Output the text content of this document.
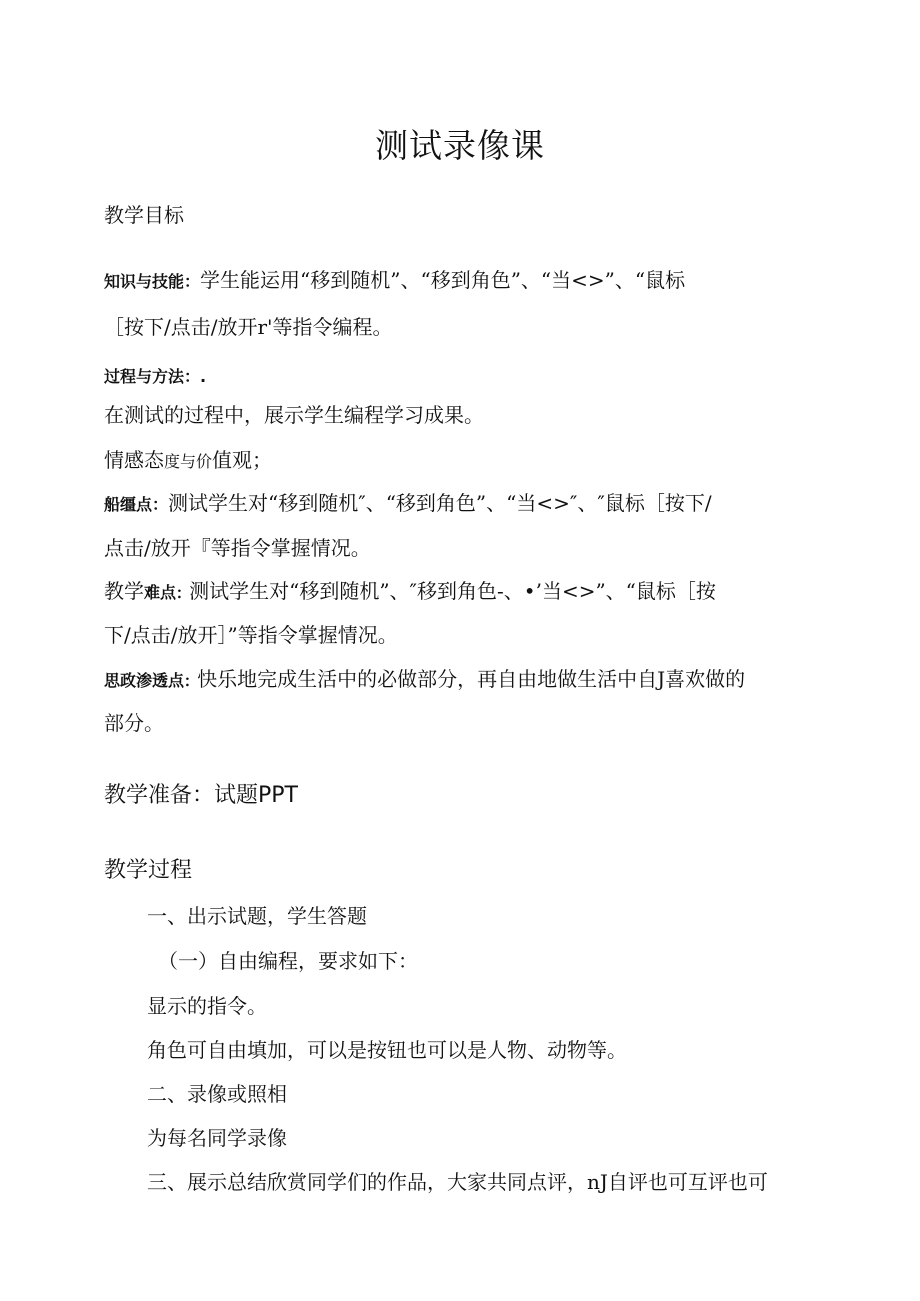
测试录像课
教学目标
知识与技能：学生能运用“移到随机”、“移到角色”、“当<>”、“鼠标
［按下/点击/放开r'等指令编程。
过程与方法：.
在测试的过程中，展示学生编程学习成果。
情感态度与价值观；
船缰点：测试学生对“移到随机″、“移到角色”、“当<>″、″鼠标［按下/
点击/放开『等指令掌握情况。
教学难点: 测试学生对“移到随机”、″移到角色-、•’当<>”、“鼠标［按
下/点击/放开］”等指令掌握情况。
思政渗透点: 快乐地完成生活中的必做部分，再自由地做生活中自J喜欢做的
部分。
教学准备：试题PPT
教学过程
一、出示试题，学生答题
（一）自由编程，要求如下：
显示的指令。
角色可自由填加，可以是按钮也可以是人物、动物等。
二、录像或照相
为每名同学录像
三、展示总结欣赏同学们的作品，大家共同点评，nJ自评也可互评也可
